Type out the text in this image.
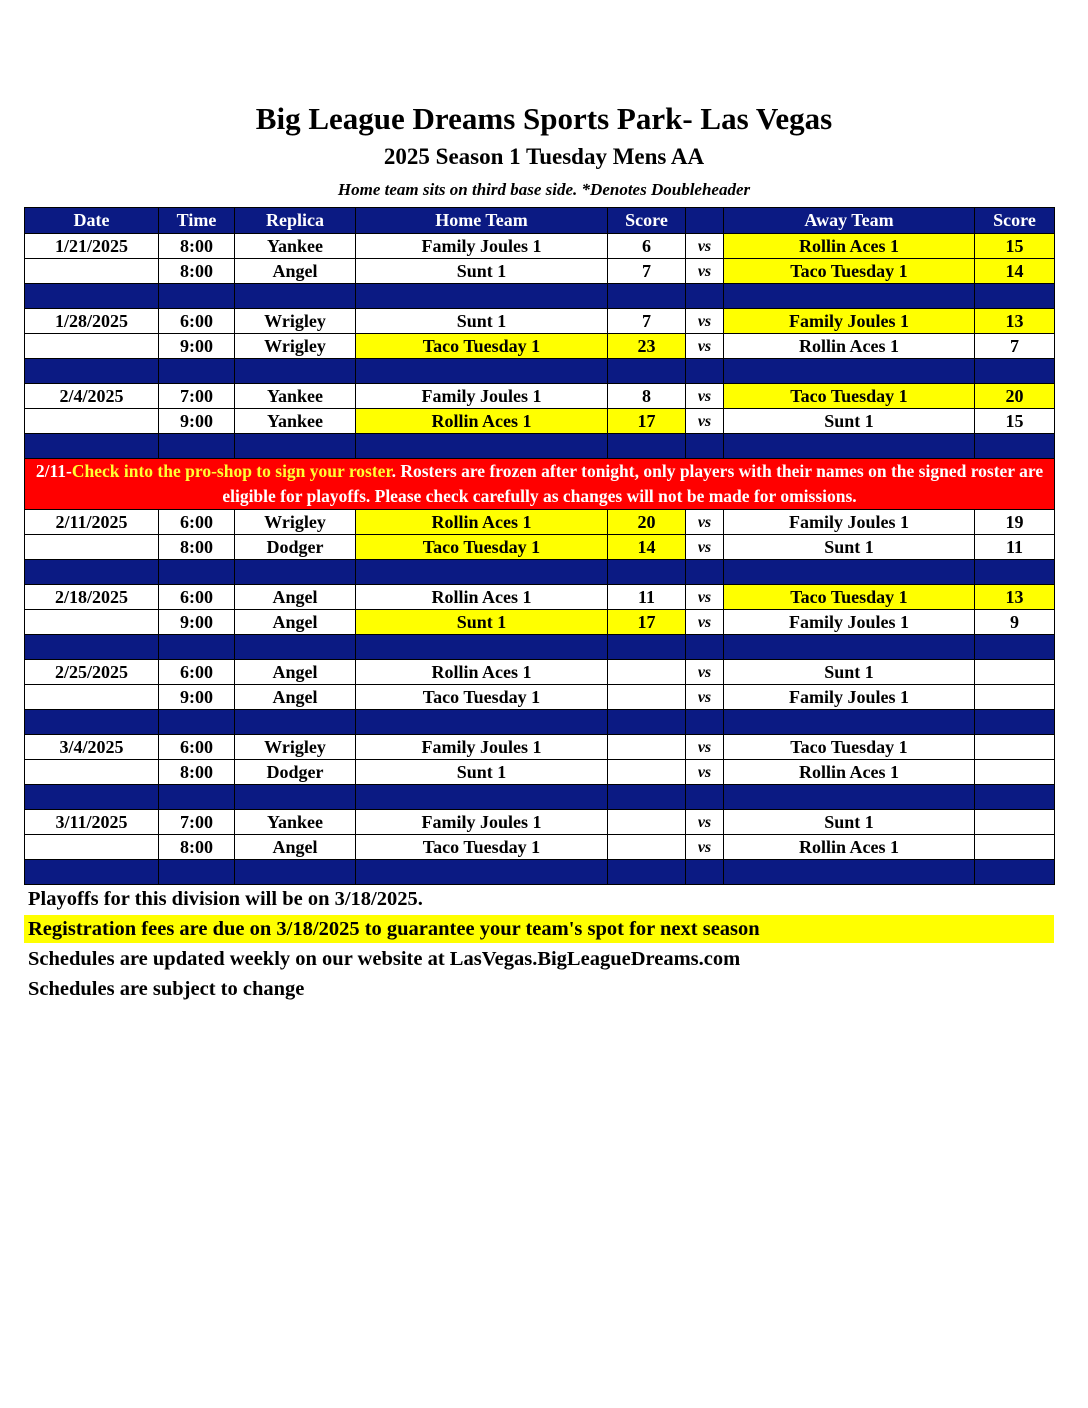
Big League Dreams Sports Park- Las Vegas
2025 Season 1 Tuesday Mens AA
Home team sits on third base side. *Denotes Doubleheader
Date	Time	Replica	Home Team	Score		Away Team	Score
1/21/2025	8:00	Yankee	Family Joules 1	6	vs	Rollin Aces 1	15
	8:00	Angel	Sunt 1	7	vs	Taco Tuesday 1	14

1/28/2025	6:00	Wrigley	Sunt 1	7	vs	Family Joules 1	13
	9:00	Wrigley	Taco Tuesday 1	23	vs	Rollin Aces 1	7

2/4/2025	7:00	Yankee	Family Joules 1	8	vs	Taco Tuesday 1	20
	9:00	Yankee	Rollin Aces 1	17	vs	Sunt 1	15

2/11-Check into the pro-shop to sign your roster. Rosters are frozen after tonight, only players with their names on the signed roster are eligible for playoffs. Please check carefully as changes will not be made for omissions.							
2/11/2025	6:00	Wrigley	Rollin Aces 1	20	vs	Family Joules 1	19
	8:00	Dodger	Taco Tuesday 1	14	vs	Sunt 1	11

2/18/2025	6:00	Angel	Rollin Aces 1	11	vs	Taco Tuesday 1	13
	9:00	Angel	Sunt 1	17	vs	Family Joules 1	9

2/25/2025	6:00	Angel	Rollin Aces 1		vs	Sunt 1	
	9:00	Angel	Taco Tuesday 1		vs	Family Joules 1	

3/4/2025	6:00	Wrigley	Family Joules 1		vs	Taco Tuesday 1	
	8:00	Dodger	Sunt 1		vs	Rollin Aces 1	

3/11/2025	7:00	Yankee	Family Joules 1		vs	Sunt 1	
	8:00	Angel	Taco Tuesday 1		vs	Rollin Aces 1	

Playoffs for this division will be on 3/18/2025.
Registration fees are due on 3/18/2025 to guarantee your team's spot for next season
Schedules are updated weekly on our website at LasVegas.BigLeagueDreams.com
Schedules are subject to change
